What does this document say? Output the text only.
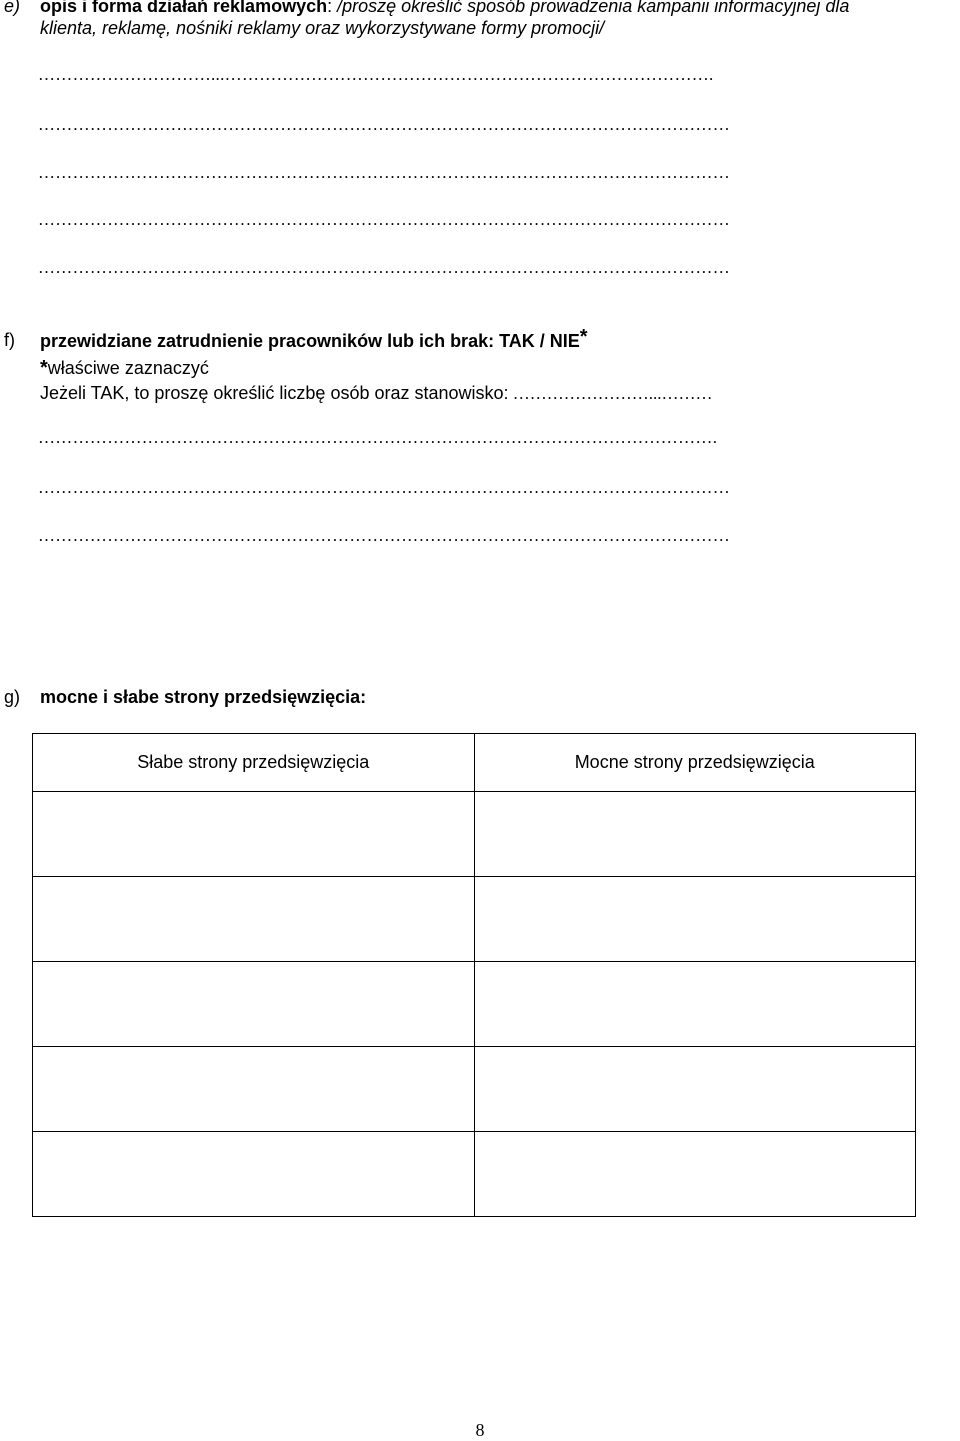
e) opis i forma działań reklamowych: /proszę określić sposób prowadzenia kampanii informacyjnej dla
klienta, reklamę, nośniki reklamy oraz wykorzystywane formy promocji/
…………………………...………………………………………………………………………….
…………………………………………………………………………………………………………
…………………………………………………………………………………………………………
…………………………………………………………………………………………………………
…………………………………………………………………………………………………………
f) przewidziane zatrudnienie pracowników lub ich brak: TAK / NIE*
*właściwe zaznaczyć
Jeżeli TAK, to proszę określić liczbę osób oraz stanowisko: ……………………...………
……………………………………………………………………………………………………….
…………………………………………………………………………………………………………
…………………………………………………………………………………………………………
g) mocne i słabe strony przedsięwzięcia:
Słabe strony przedsięwzięcia	Mocne strony przedsięwzięcia

8
